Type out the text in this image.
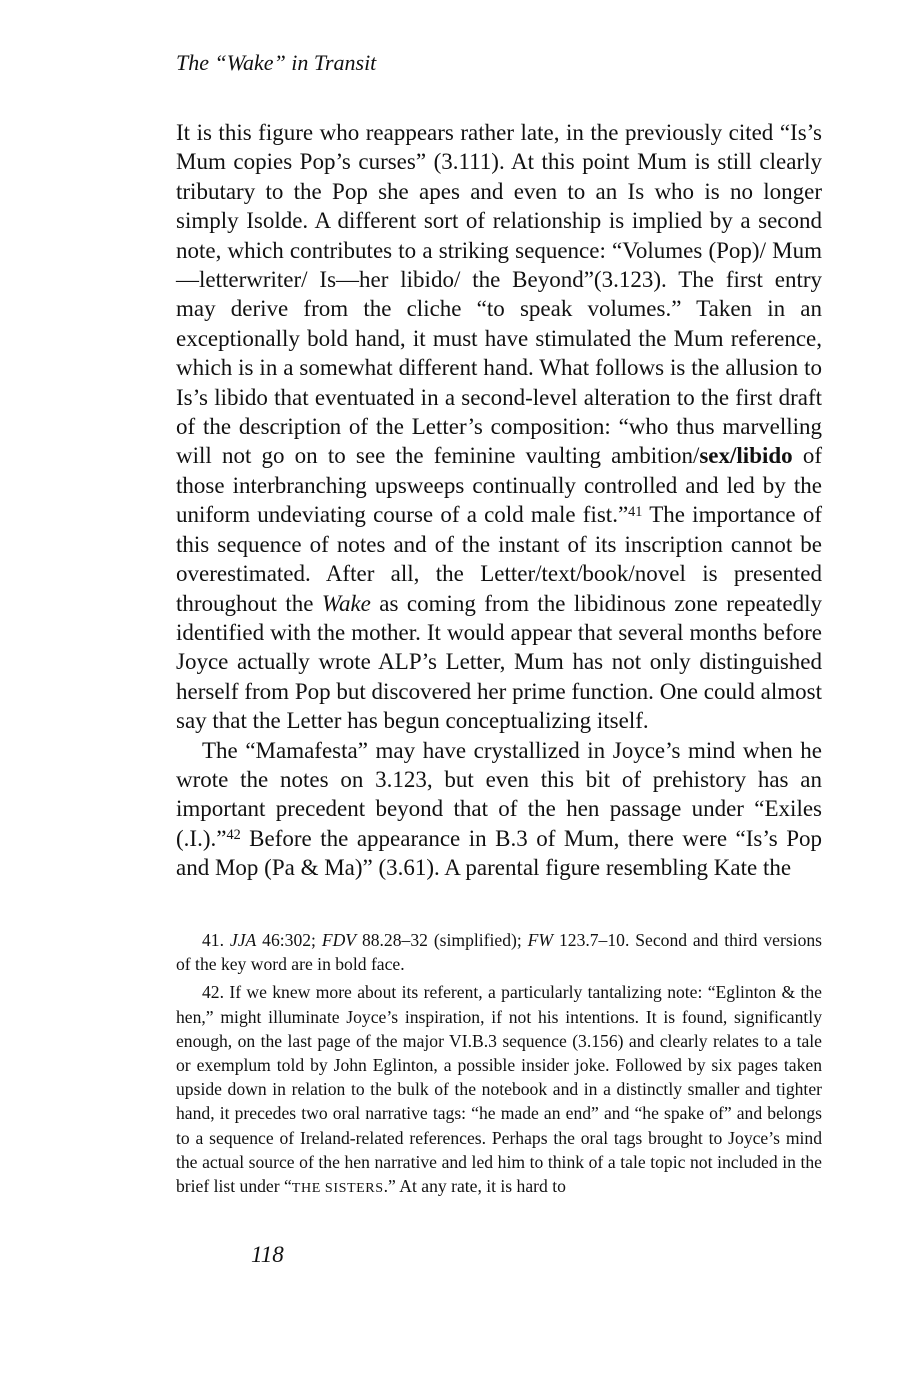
The “Wake” in Transit

It is this figure who reappears rather late, in the previously cited “Is’s Mum copies Pop’s curses” (3.111). At this point Mum is still clearly tributary to the Pop she apes and even to an Is who is no longer simply Isolde. A different sort of relationship is implied by a second note, which contributes to a striking sequence: “Volumes (Pop)/ Mum—letterwriter/ Is—her libido/ the Beyond”(3.123). The first entry may derive from the cliche “to speak volumes.” Taken in an exceptionally bold hand, it must have stimulated the Mum reference, which is in a somewhat different hand. What follows is the allusion to Is’s libido that eventuated in a second-level alteration to the first draft of the description of the Letter’s composition: “who thus marvelling will not go on to see the feminine vaulting ambition/sex/libido of those interbranching upsweeps continually controlled and led by the uniform undeviating course of a cold male fist.”$^{41}$ The importance of this sequence of notes and of the instant of its inscription cannot be overestimated. After all, the Letter/text/book/novel is presented throughout the Wake as coming from the libidinous zone repeatedly identified with the mother. It would appear that several months before Joyce actually wrote ALP’s Letter, Mum has not only distinguished herself from Pop but discovered her prime function. One could almost say that the Letter has begun conceptualizing itself.

The “Mamafesta” may have crystallized in Joyce’s mind when he wrote the notes on 3.123, but even this bit of prehistory has an important precedent beyond that of the hen passage under “Exiles (.I.).”$^{42}$ Before the appearance in B.3 of Mum, there were “Is’s Pop and Mop (Pa & Ma)” (3.61). A parental figure resembling Kate the

41. JJA 46:302; FDV 88.28–32 (simplified); FW 123.7–10. Second and third versions of the key word are in bold face.

42. If we knew more about its referent, a particularly tantalizing note: “Eglinton & the hen,” might illuminate Joyce’s inspiration, if not his intentions. It is found, significantly enough, on the last page of the major VI.B.3 sequence (3.156) and clearly relates to a tale or exemplum told by John Eglinton, a possible insider joke. Followed by six pages taken upside down in relation to the bulk of the notebook and in a distinctly smaller and tighter hand, it precedes two oral narrative tags: “he made an end” and “he spake of” and belongs to a sequence of Ireland-related references. Perhaps the oral tags brought to Joyce’s mind the actual source of the hen narrative and led him to think of a tale topic not included in the brief list under “THE SISTERS.” At any rate, it is hard to

118
